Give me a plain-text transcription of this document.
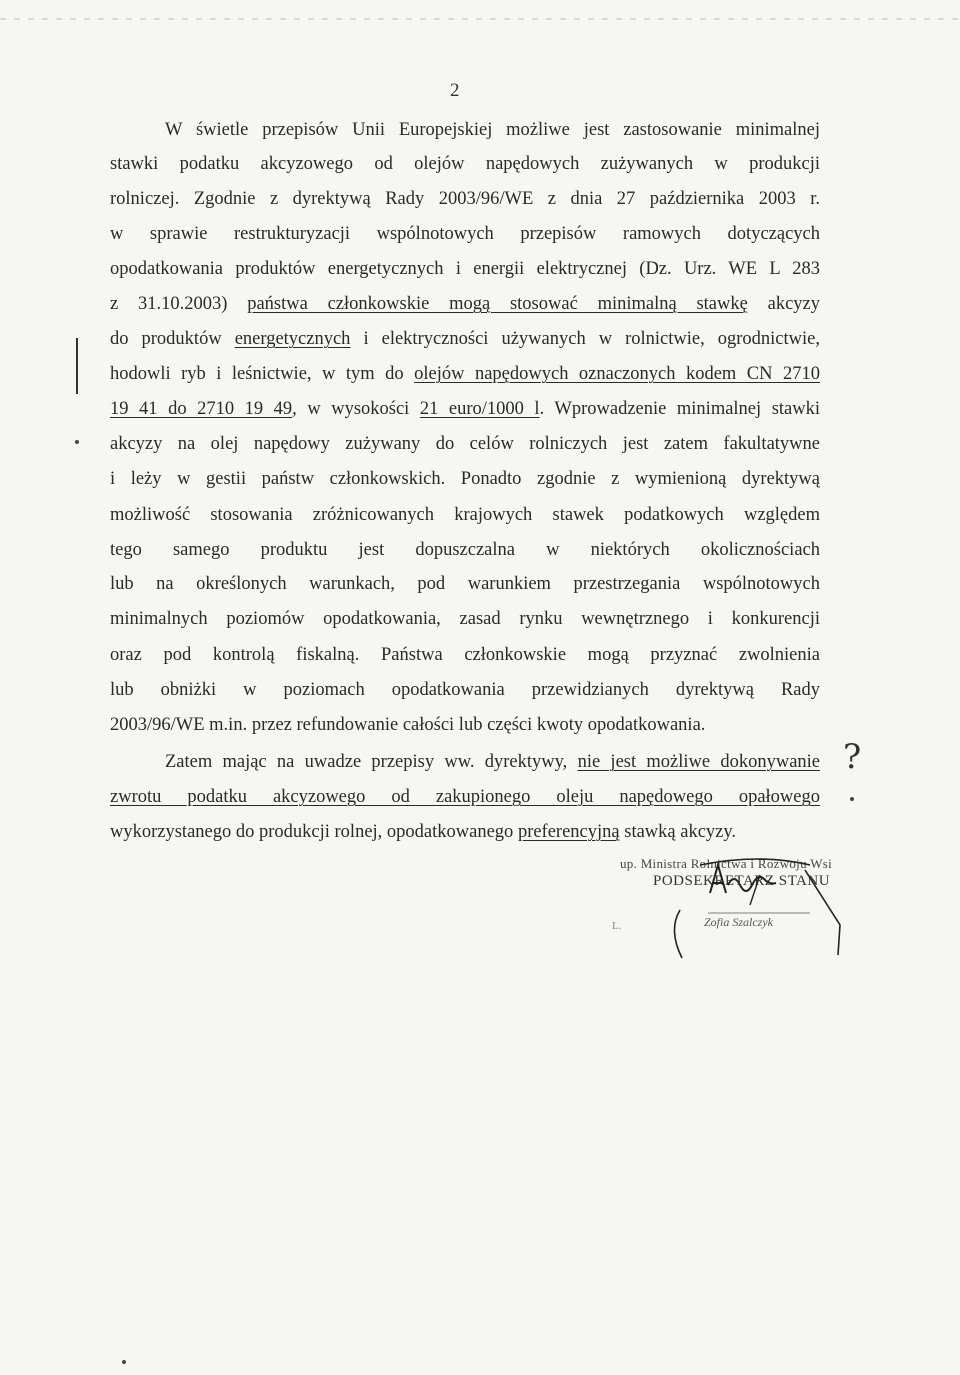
2
W świetle przepisów Unii Europejskiej możliwe jest zastosowanie minimalnej
stawki podatku akcyzowego od olejów napędowych zużywanych w produkcji
rolniczej. Zgodnie z dyrektywą Rady 2003/96/WE z dnia 27 października 2003 r.
w sprawie restrukturyzacji wspólnotowych przepisów ramowych dotyczących
opodatkowania produktów energetycznych i energii elektrycznej (Dz. Urz. WE L 283
z 31.10.2003) państwa członkowskie mogą stosować minimalną stawkę akcyzy
do produktów energetycznych i elektryczności używanych w rolnictwie, ogrodnictwie,
hodowli ryb i leśnictwie, w tym do olejów napędowych oznaczonych kodem CN 2710
19 41 do 2710 19 49, w wysokości 21 euro/1000 l. Wprowadzenie minimalnej stawki
akcyzy na olej napędowy zużywany do celów rolniczych jest zatem fakultatywne
i leży w gestii państw członkowskich. Ponadto zgodnie z wymienioną dyrektywą
możliwość stosowania zróżnicowanych krajowych stawek podatkowych względem
tego samego produktu jest dopuszczalna w niektórych okolicznościach
lub na określonych warunkach, pod warunkiem przestrzegania wspólnotowych
minimalnych poziomów opodatkowania, zasad rynku wewnętrznego i konkurencji
oraz pod kontrolą fiskalną. Państwa członkowskie mogą przyznać zwolnienia
lub obniżki w poziomach opodatkowania przewidzianych dyrektywą Rady
2003/96/WE m.in. przez refundowanie całości lub części kwoty opodatkowania.
Zatem mając na uwadze przepisy ww. dyrektywy, nie jest możliwe dokonywanie
zwrotu podatku akcyzowego od zakupionego oleju napędowego opałowego
wykorzystanego do produkcji rolnej, opodatkowanego preferencyjną stawką akcyzy.
?
up. Ministra Rolnictwa i Rozwoju Wsi
PODSEKRETARZ STANU
Zofia Szalczyk
L.
